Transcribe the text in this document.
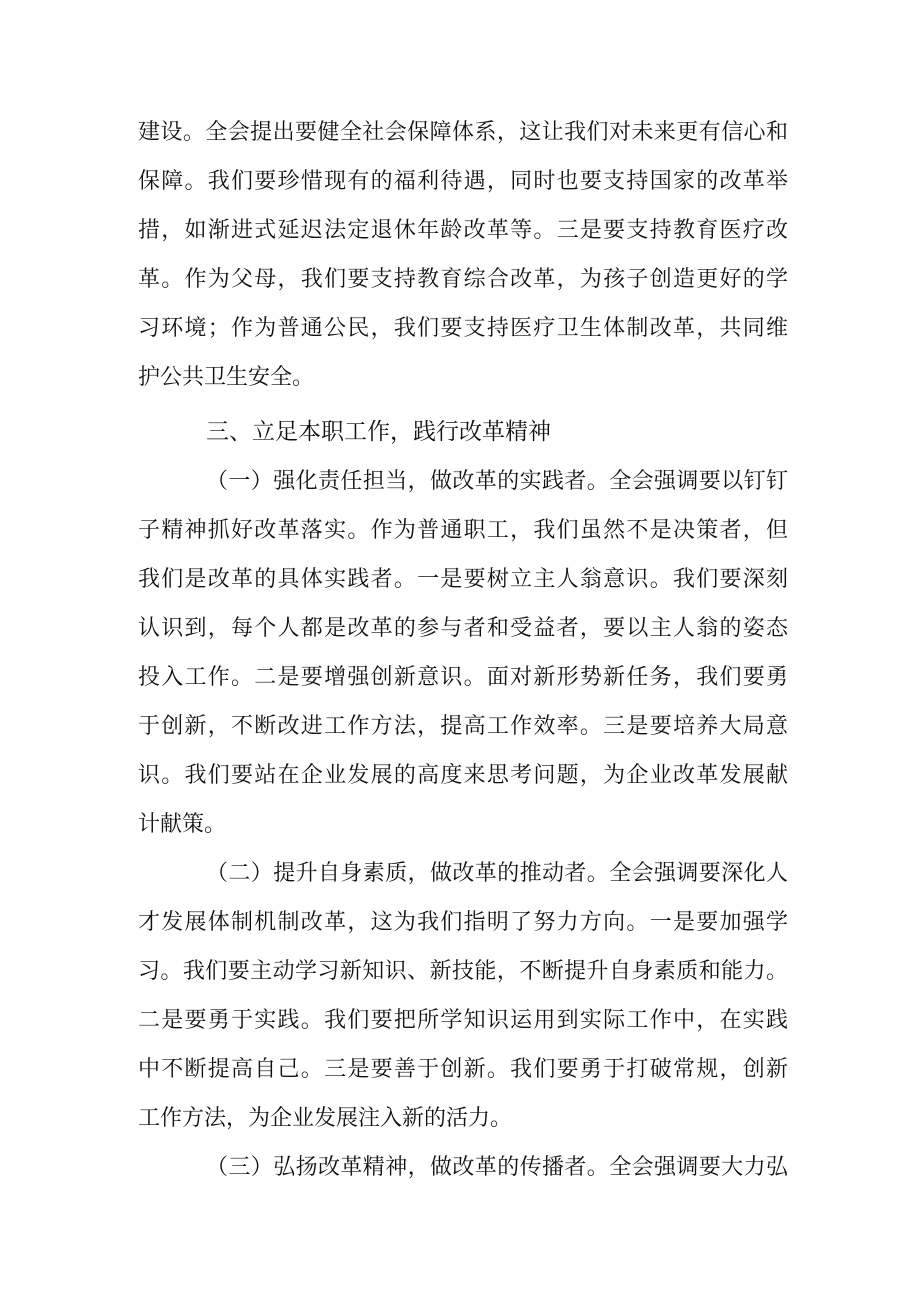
建设。全会提出要健全社会保障体系，这让我们对未来更有信心和
保障。我们要珍惜现有的福利待遇，同时也要支持国家的改革举
措，如渐进式延迟法定退休年龄改革等。三是要支持教育医疗改
革。作为父母，我们要支持教育综合改革，为孩子创造更好的学
习环境；作为普通公民，我们要支持医疗卫生体制改革，共同维
护公共卫生安全。
三、立足本职工作，践行改革精神
（一）强化责任担当，做改革的实践者。全会强调要以钉钉
子精神抓好改革落实。作为普通职工，我们虽然不是决策者，但
我们是改革的具体实践者。一是要树立主人翁意识。我们要深刻
认识到，每个人都是改革的参与者和受益者，要以主人翁的姿态
投入工作。二是要增强创新意识。面对新形势新任务，我们要勇
于创新，不断改进工作方法，提高工作效率。三是要培养大局意
识。我们要站在企业发展的高度来思考问题，为企业改革发展献
计献策。
（二）提升自身素质，做改革的推动者。全会强调要深化人
才发展体制机制改革，这为我们指明了努力方向。一是要加强学
习。我们要主动学习新知识、新技能，不断提升自身素质和能力。
二是要勇于实践。我们要把所学知识运用到实际工作中，在实践
中不断提高自己。三是要善于创新。我们要勇于打破常规，创新
工作方法，为企业发展注入新的活力。
（三）弘扬改革精神，做改革的传播者。全会强调要大力弘
